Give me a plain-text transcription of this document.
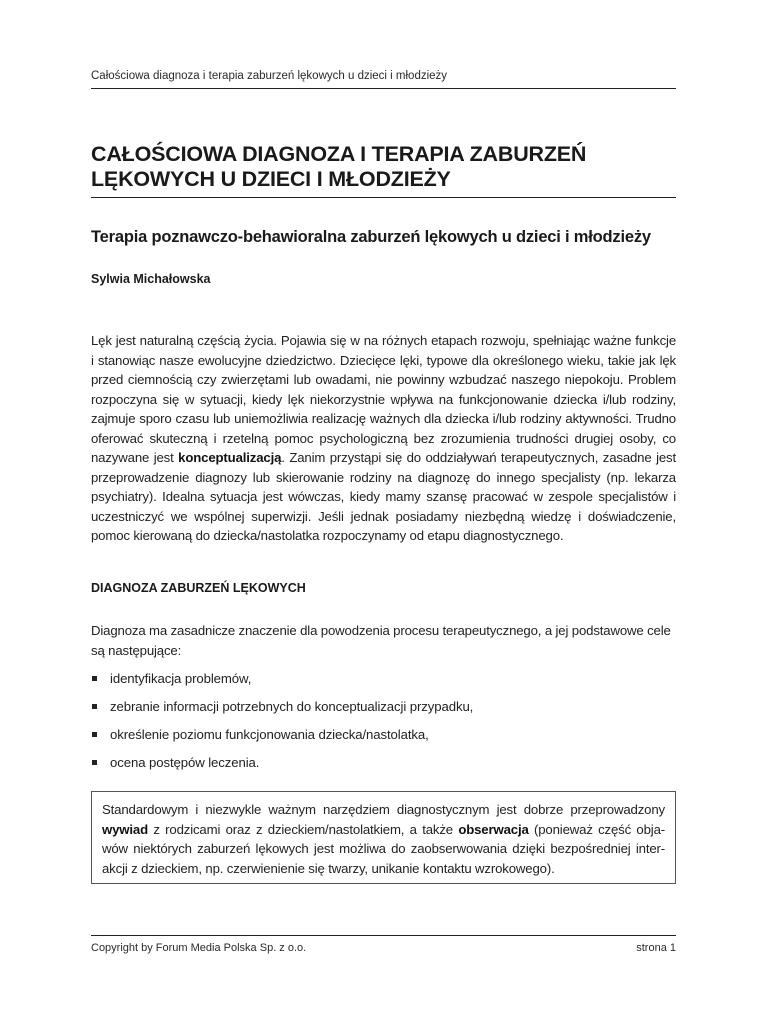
Całościowa diagnoza i terapia zaburzeń lękowych u dzieci i młodzieży
CAŁOŚCIOWA DIAGNOZA I TERAPIA ZABURZEŃ
LĘKOWYCH U DZIECI I MŁODZIEŻY
Terapia poznawczo-behawioralna zaburzeń lękowych u dzieci i młodzieży

Sylwia Michałowska

Lęk jest naturalną częścią życia. Pojawia się w na różnych etapach rozwoju, spełniając ważne funkcje i stanowiąc nasze ewolucyjne dziedzictwo. Dziecięce lęki, typowe dla określonego wieku, takie jak lęk przed ciemnością czy zwierzętami lub owadami, nie powinny wzbudzać naszego niepokoju. Problem rozpoczyna się w sytuacji, kiedy lęk niekorzystnie wpływa na funkcjonowanie dziecka i/lub rodziny, zajmuje sporo czasu lub uniemożliwia realizację ważnych dla dziecka i/lub rodziny aktywności. Trudno oferować skuteczną i rzetelną pomoc psychologiczną bez zrozumienia trudności drugiej osoby, co nazywane jest konceptualizacją. Zanim przystąpi się do oddziaływań terapeutycznych, zasadne jest przeprowadzenie diagnozy lub skierowanie rodziny na diagnozę do innego specjalisty (np. lekarza psychiatry). Idealna sytuacja jest wówczas, kiedy mamy szansę pracować w zespole specjalistów i uczestniczyć we wspólnej superwizji. Jeśli jednak posiadamy niezbędną wiedzę i doświadczenie, pomoc kierowaną do dziecka/nastolatka rozpoczynamy od etapu diagnostycznego.

DIAGNOZA ZABURZEŃ LĘKOWYCH

Diagnoza ma zasadnicze znaczenie dla powodzenia procesu terapeutycznego, a jej podstawowe cele są następujące:

identyfikacja problemów,
zebranie informacji potrzebnych do konceptualizacji przypadku,
określenie poziomu funkcjonowania dziecka/nastolatka,
ocena postępów leczenia.
Standardowym i niezwykle ważnym narzędziem diagnostycznym jest dobrze przeprowadzony wywiad z rodzicami oraz z dzieckiem/nastolatkiem, a także obserwacja (ponieważ część obja-wów niektórych zaburzeń lękowych jest możliwa do zaobserwowania dzięki bezpośredniej inter-akcji z dzieckiem, np. czerwienienie się twarzy, unikanie kontaktu wzrokowego).
Copyright by Forum Media Polska Sp. z o.o.	strona 1
